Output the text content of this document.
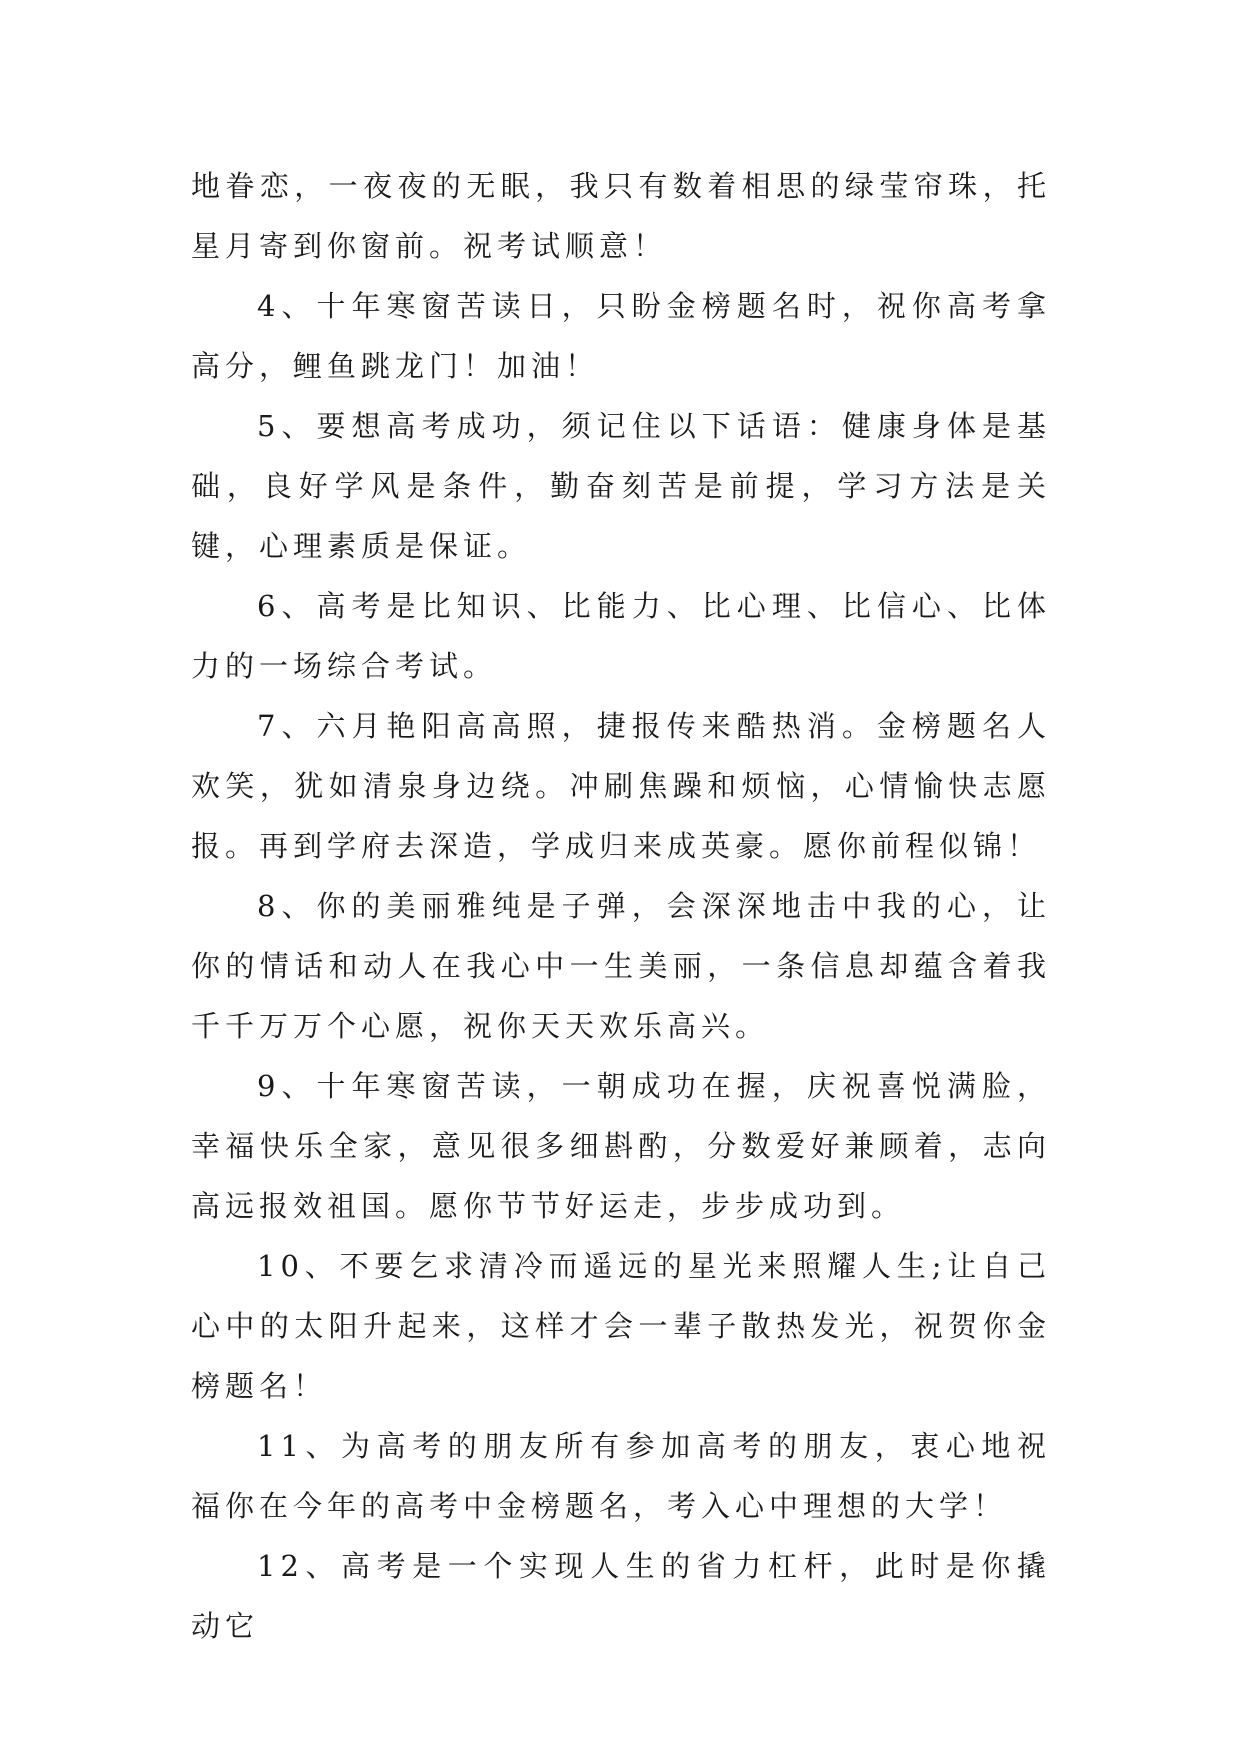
地眷恋，一夜夜的无眠，我只有数着相思的绿莹帘珠，托星月寄到你窗前。祝考试顺意！

4、十年寒窗苦读日，只盼金榜题名时，祝你高考拿高分，鲤鱼跳龙门！加油！

5、要想高考成功，须记住以下话语：健康身体是基础，良好学风是条件，勤奋刻苦是前提，学习方法是关键，心理素质是保证。

6、高考是比知识、比能力、比心理、比信心、比体力的一场综合考试。

7、六月艳阳高高照，捷报传来酷热消。金榜题名人欢笑，犹如清泉身边绕。冲刷焦躁和烦恼，心情愉快志愿报。再到学府去深造，学成归来成英豪。愿你前程似锦！

8、你的美丽雅纯是子弹，会深深地击中我的心，让你的情话和动人在我心中一生美丽，一条信息却蕴含着我千千万万个心愿，祝你天天欢乐高兴。

9、十年寒窗苦读，一朝成功在握，庆祝喜悦满脸，幸福快乐全家，意见很多细斟酌，分数爱好兼顾着，志向高远报效祖国。愿你节节好运走，步步成功到。

10、不要乞求清冷而遥远的星光来照耀人生;让自己心中的太阳升起来，这样才会一辈子散热发光，祝贺你金榜题名！

11、为高考的朋友所有参加高考的朋友，衷心地祝福你在今年的高考中金榜题名，考入心中理想的大学！

12、高考是一个实现人生的省力杠杆，此时是你撬动它
